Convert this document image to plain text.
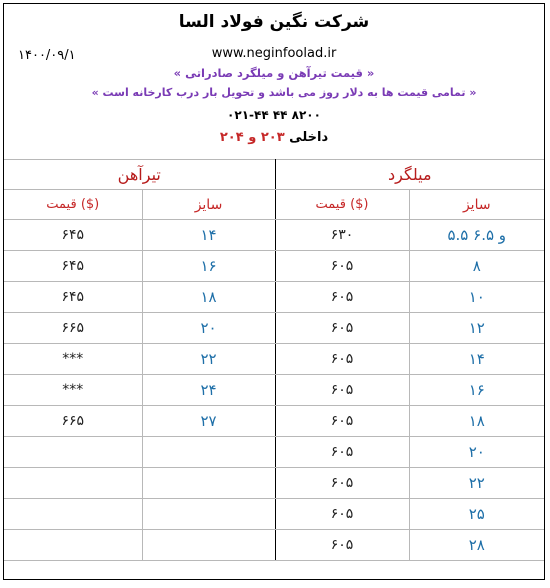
۱۴۰۰/۰۹/۱
شرکت نگین فولاد السا
www.neginfoolad.ir
« قیمت تیرآهن و میلگرد صادراتی »
« تمامی قیمت ها به دلار روز می باشد و تحویل بار درب کارخانه است »
۰۲۱-۴۴ ۴۴ ۸۲۰۰
داخلی ۲۰۳ و ۲۰۴
تیرآهن		میلگرد	
قیمت ($)	سایز	قیمت ($)	سایز
۶۴۵	۱۴	۶۳۰	۵.۵ و ۶.۵
۶۴۵	۱۶	۶۰۵	۸
۶۴۵	۱۸	۶۰۵	۱۰
۶۶۵	۲۰	۶۰۵	۱۲
***	۲۲	۶۰۵	۱۴
***	۲۴	۶۰۵	۱۶
۶۶۵	۲۷	۶۰۵	۱۸
		۶۰۵	۲۰
		۶۰۵	۲۲
		۶۰۵	۲۵
		۶۰۵	۲۸
